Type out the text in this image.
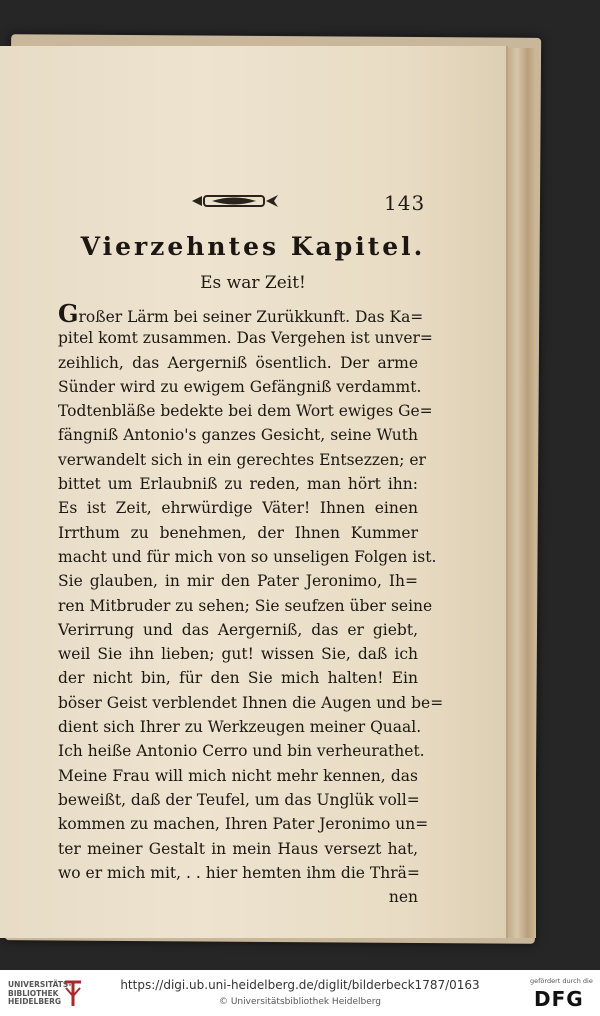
143
Vierzehntes Kapitel.
Es war Zeit!
Großer Lärm bei seiner Zurükkunft. Das Ka=
pitel komt zusammen. Das Vergehen ist unver=
zeihlich, das Aergerniß ösentlich. Der arme
Sünder wird zu ewigem Gefängniß verdammt.
Todtenbläße bedekte bei dem Wort ewiges Ge=
fängniß Antonio's ganzes Gesicht, seine Wuth
verwandelt sich in ein gerechtes Entsezzen; er
bittet um Erlaubniß zu reden, man hört ihn:
Es ist Zeit, ehrwürdige Väter! Ihnen einen
Irrthum zu benehmen, der Ihnen Kummer
macht und für mich von so unseligen Folgen ist.
Sie glauben, in mir den Pater Jeronimo, Ih=
ren Mitbruder zu sehen; Sie seufzen über seine
Verirrung und das Aergerniß, das er giebt,
weil Sie ihn lieben; gut! wissen Sie, daß ich
der nicht bin, für den Sie mich halten! Ein
böser Geist verblendet Ihnen die Augen und be=
dient sich Ihrer zu Werkzeugen meiner Quaal.
Ich heiße Antonio Cerro und bin verheurathet.
Meine Frau will mich nicht mehr kennen, das
beweißt, daß der Teufel, um das Unglük voll=
kommen zu machen, Ihren Pater Jeronimo un=
ter meiner Gestalt in mein Haus versezt hat,
wo er mich mit, . . hier hemten ihm die Thrä=
nen
UNIVERSITÄTS-
BIBLIOTHEK
HEIDELBERG
https://digi.ub.uni-heidelberg.de/diglit/bilderbeck1787/0163
© Universitätsbibliothek Heidelberg
gefördert durch die
DFG
